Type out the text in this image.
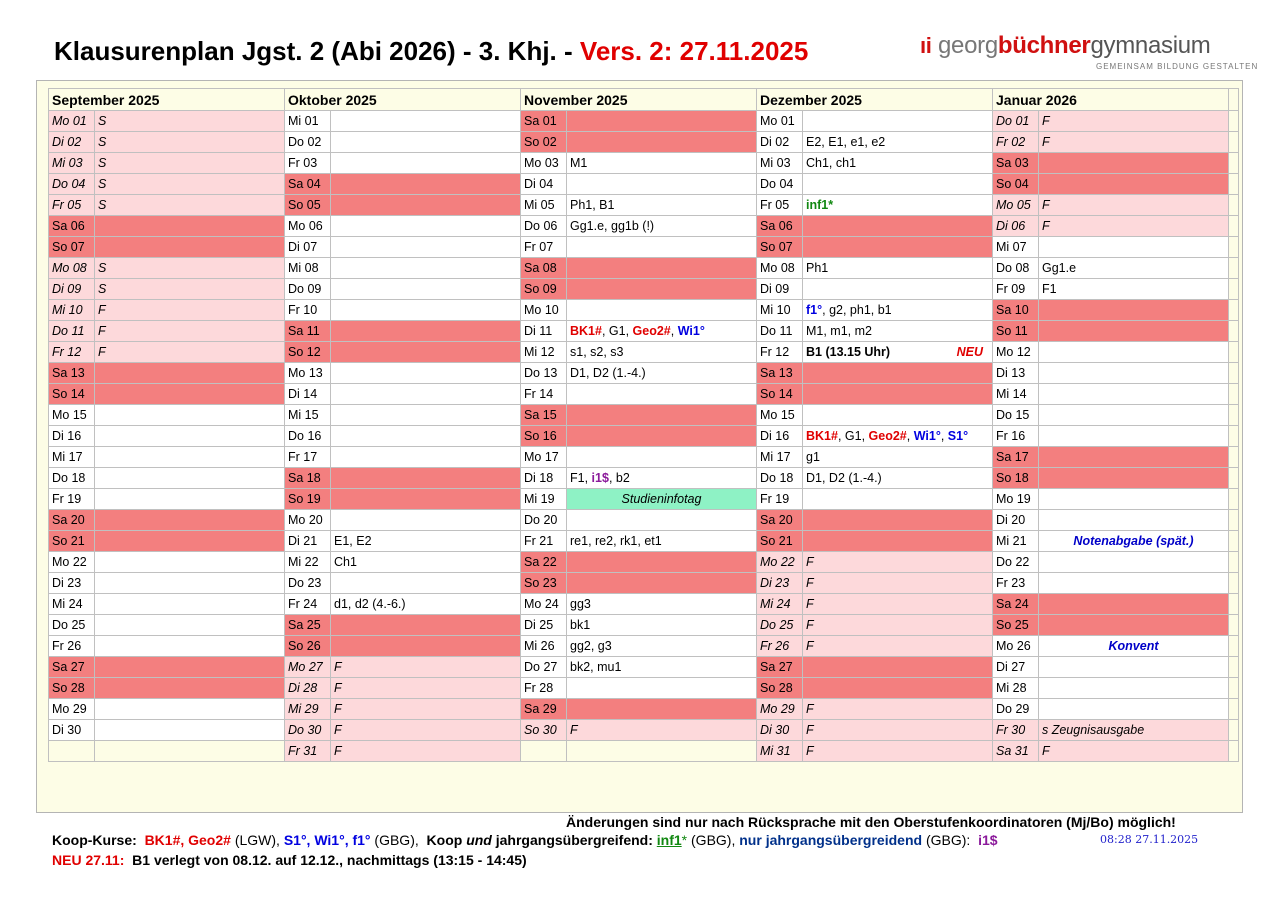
Klausurenplan Jgst. 2 (Abi 2026) - 3. Khj. - Vers. 2: 27.11.2025	ıi georgbüchnergymnasium
GEMEINSAM BILDUNG GESTALTEN
September 2025		Oktober 2025		November 2025		Dezember 2025		Januar 2026		
Mo 01	S	Mi 01		Sa 01		Mo 01		Do 01	F	
Di 02	S	Do 02		So 02		Di 02	E2, E1, e1, e2	Fr 02	F	
Mi 03	S	Fr 03		Mo 03	M1	Mi 03	Ch1, ch1	Sa 03		
Do 04	S	Sa 04		Di 04		Do 04		So 04		
Fr 05	S	So 05		Mi 05	Ph1, B1	Fr 05	inf1*	Mo 05	F	
Sa 06		Mo 06		Do 06	Gg1.e, gg1b (!)	Sa 06		Di 06	F	
So 07		Di 07		Fr 07		So 07		Mi 07		
Mo 08	S	Mi 08		Sa 08		Mo 08	Ph1	Do 08	Gg1.e	
Di 09	S	Do 09		So 09		Di 09		Fr 09	F1	
Mi 10	F	Fr 10		Mo 10		Mi 10	f1°, g2, ph1, b1	Sa 10		
Do 11	F	Sa 11		Di 11	BK1#, G1, Geo2#, Wi1°	Do 11	M1, m1, m2	So 11		
Fr 12	F	So 12		Mi 12	s1, s2, s3	Fr 12	B1 (13.15 Uhr) NEU	Mo 12		
Sa 13		Mo 13		Do 13	D1, D2 (1.-4.)	Sa 13		Di 13		
So 14		Di 14		Fr 14		So 14		Mi 14		
Mo 15		Mi 15		Sa 15		Mo 15		Do 15		
Di 16		Do 16		So 16		Di 16	BK1#, G1, Geo2#, Wi1°, S1°	Fr 16		
Mi 17		Fr 17		Mo 17		Mi 17	g1	Sa 17		
Do 18		Sa 18		Di 18	F1, i1$, b2	Do 18	D1, D2 (1.-4.)	So 18		
Fr 19		So 19		Mi 19	Studieninfotag	Fr 19		Mo 19		
Sa 20		Mo 20		Do 20		Sa 20		Di 20		
So 21		Di 21	E1, E2	Fr 21	re1, re2, rk1, et1	So 21		Mi 21	Notenabgabe (spät.)	
Mo 22		Mi 22	Ch1	Sa 22		Mo 22	F	Do 22		
Di 23		Do 23		So 23		Di 23	F	Fr 23		
Mi 24		Fr 24	d1, d2 (4.-6.)	Mo 24	gg3	Mi 24	F	Sa 24		
Do 25		Sa 25		Di 25	bk1	Do 25	F	So 25		
Fr 26		So 26		Mi 26	gg2, g3	Fr 26	F	Mo 26	Konvent	
Sa 27		Mo 27	F	Do 27	bk2, mu1	Sa 27		Di 27		
So 28		Di 28	F	Fr 28		So 28		Mi 28		
Mo 29		Mi 29	F	Sa 29		Mo 29	F	Do 29		
Di 30		Do 30	F	So 30	F	Di 30	F	Fr 30	s Zeugnisausgabe	
		Fr 31	F			Mi 31	F	Sa 31	F	
Änderungen sind nur nach Rücksprache mit den Oberstufenkoordinatoren (Mj/Bo) möglich!
Koop-Kurse: BK1#, Geo2# (LGW), S1°, Wi1°, f1° (GBG), Koop und jahrgangsübergreifend: inf1* (GBG), nur jahrgangsübergreidend (GBG): i1$	08:28 27.11.2025
NEU 27.11: B1 verlegt von 08.12. auf 12.12., nachmittags (13:15 - 14:45)
